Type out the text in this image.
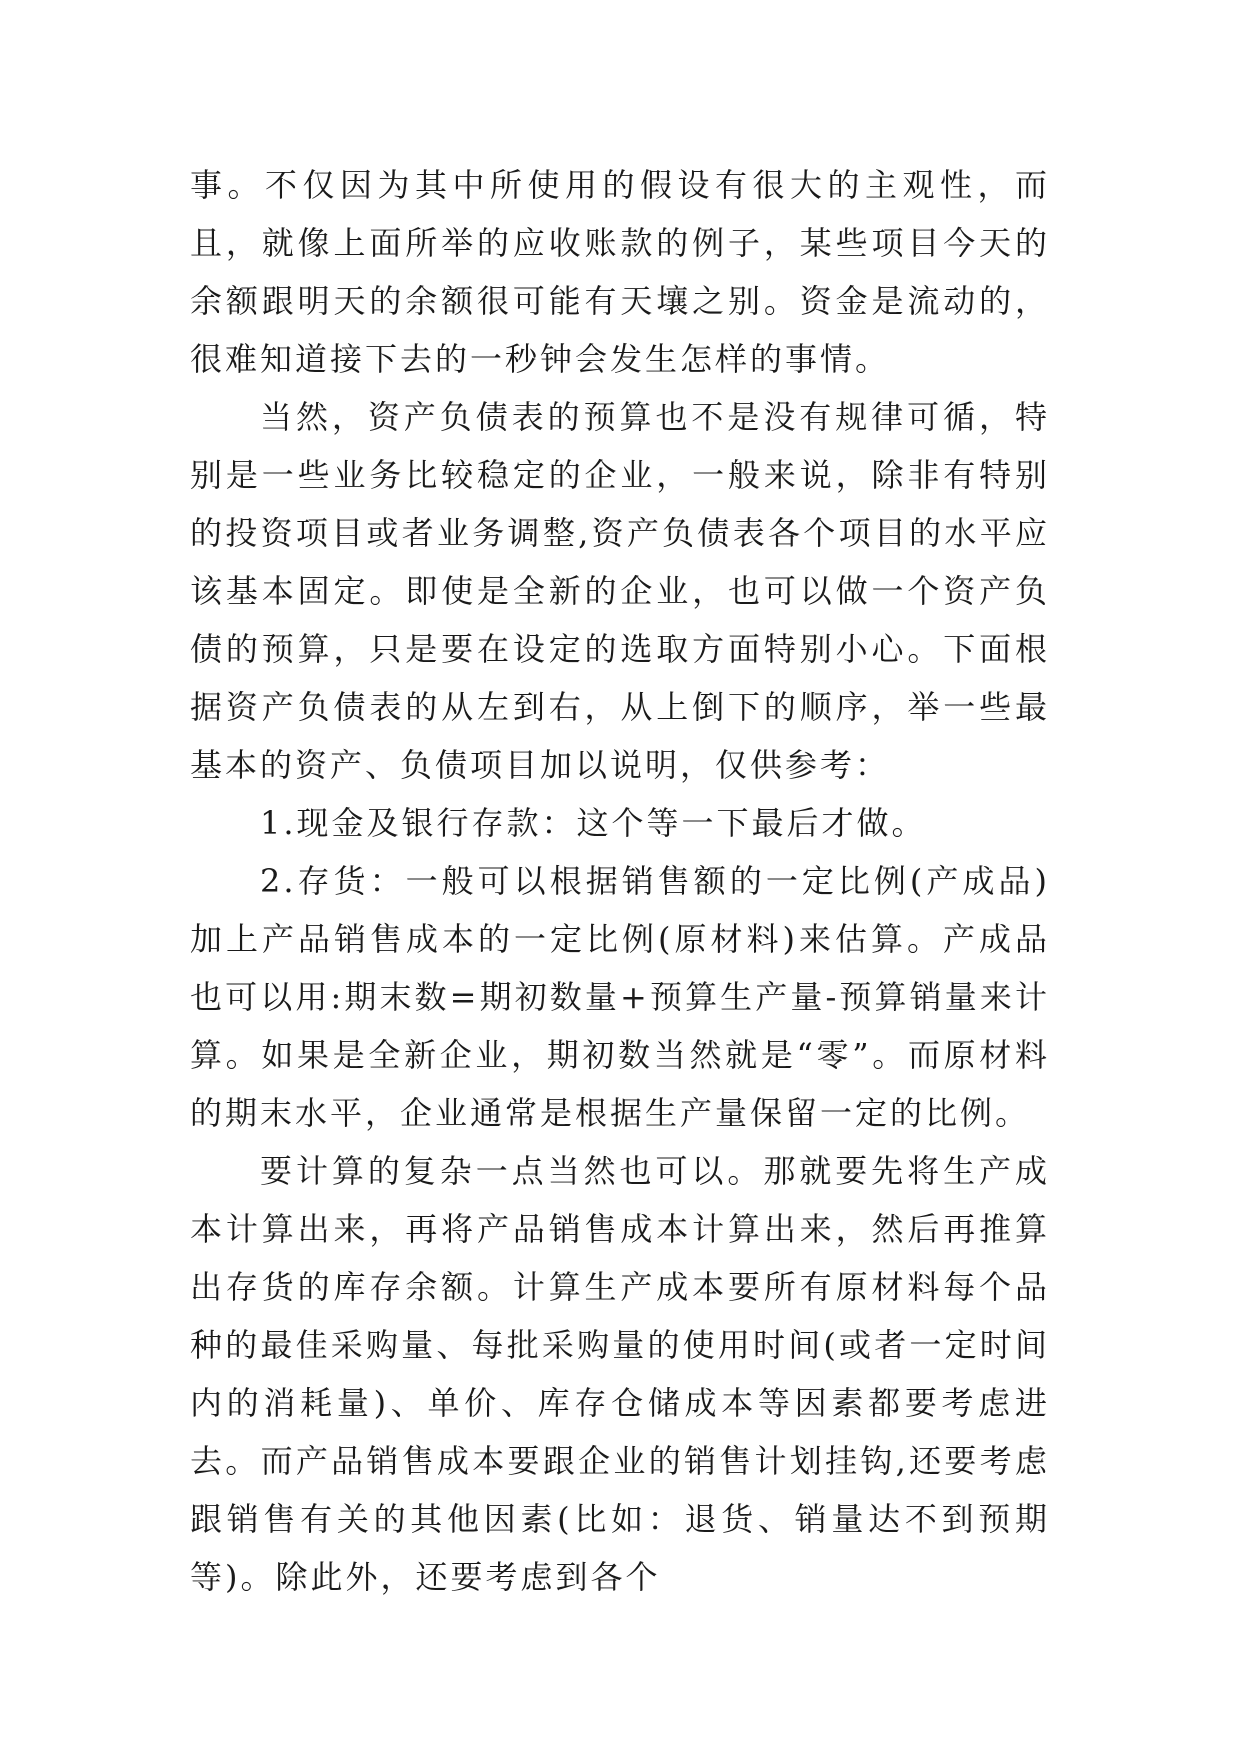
事。不仅因为其中所使用的假设有很大的主观性，而且，就像上面所举的应收账款的例子，某些项目今天的余额跟明天的余额很可能有天壤之别。资金是流动的，很难知道接下去的一秒钟会发生怎样的事情。

当然，资产负债表的预算也不是没有规律可循，特别是一些业务比较稳定的企业，一般来说，除非有特别的投资项目或者业务调整,资产负债表各个项目的水平应该基本固定。即使是全新的企业，也可以做一个资产负债的预算，只是要在设定的选取方面特别小心。下面根据资产负债表的从左到右，从上倒下的顺序，举一些最基本的资产、负债项目加以说明，仅供参考：

1.现金及银行存款：这个等一下最后才做。

2.存货：一般可以根据销售额的一定比例(产成品)加上产品销售成本的一定比例(原材料)来估算。产成品也可以用:期末数=期初数量+预算生产量-预算销量来计算。如果是全新企业，期初数当然就是“零”。而原材料的期末水平，企业通常是根据生产量保留一定的比例。

要计算的复杂一点当然也可以。那就要先将生产成本计算出来，再将产品销售成本计算出来，然后再推算出存货的库存余额。计算生产成本要所有原材料每个品种的最佳采购量、每批采购量的使用时间(或者一定时间内的消耗量)、单价、库存仓储成本等因素都要考虑进去。而产品销售成本要跟企业的销售计划挂钩,还要考虑跟销售有关的其他因素(比如：退货、销量达不到预期等)。除此外，还要考虑到各个
